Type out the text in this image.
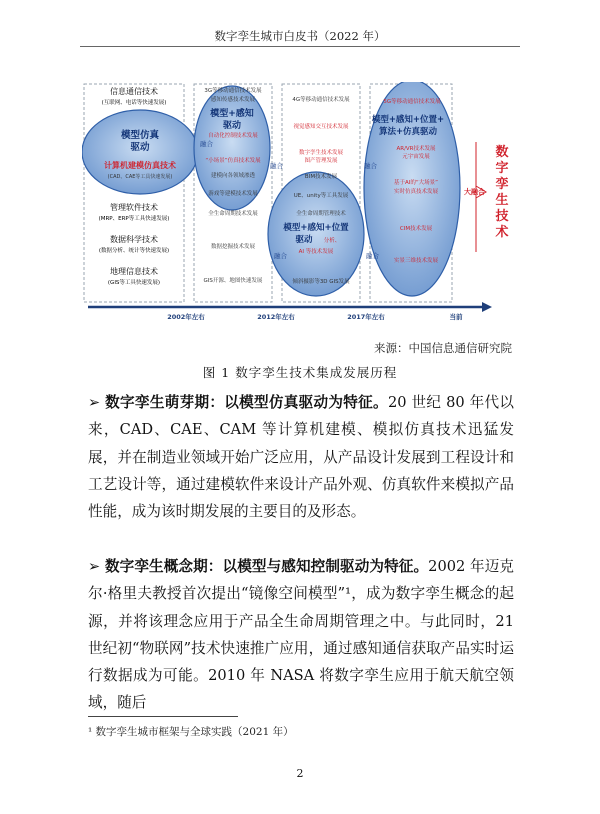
数字孪生城市白皮书（2022 年）
信息通信技术
(互联网、电话等快速发展)
管理软件技术
(MRP、ERP等工具快速发展)
数据科学技术
(数据分析、统计等快速发展)
地理信息技术
(GIS等工具快速发展)
模型仿真
驱动
计算机建模仿真技术
(CAD、CAE等工具快速发展)
模型+感知
驱动
融合
3G等移动通信技术发展
感知传感技术发展
自动化控制技术发展
“小场景”仿真技术发展
建模向各领域渗透
游戏等建模技术发展
全生命周期技术发展
数据挖掘技术发展
GIS开源、地图快速发展
模型+感知+位置
驱动
融合
融合
4G等移动通信技术发展
视觉感知交互技术发展
数字孪生技术发展
图产管理发展
BIM技术发展
UE、unity等工具发展
全生命周期管理技术
分析、
AI 等技术发展
倾斜摄影等3D GIS发展
模型+感知+位置+
算法+仿真驱动
融合
融合
5G等移动通信技术发展
AR/VR技术发展
元宇宙发展
基于AI的“大场景”
实时仿真技术发展
CIM技术发展
实景三维技术发展
大融合
数
字
孪
生
技
术
2002年左右	2012年左右	2017年左右	当前
来源：中国信息通信研究院
图 1 数字孪生技术集成发展历程
➢ 数字孪生萌芽期：以模型仿真驱动为特征。20 世纪 80 年代以来，CAD、CAE、CAM 等计算机建模、模拟仿真技术迅猛发展，并在制造业领域开始广泛应用，从产品设计发展到工程设计和工艺设计等，通过建模软件来设计产品外观、仿真软件来模拟产品性能，成为该时期发展的主要目的及形态。
➢ 数字孪生概念期：以模型与感知控制驱动为特征。2002 年迈克尔·格里夫教授首次提出“镜像空间模型”¹，成为数字孪生概念的起源，并将该理念应用于产品全生命周期管理之中。与此同时，21 世纪初“物联网”技术快速推广应用，通过感知通信获取产品实时运行数据成为可能。2010 年 NASA 将数字孪生应用于航天航空领域，随后
¹ 数字孪生城市框架与全球实践（2021 年）
2
